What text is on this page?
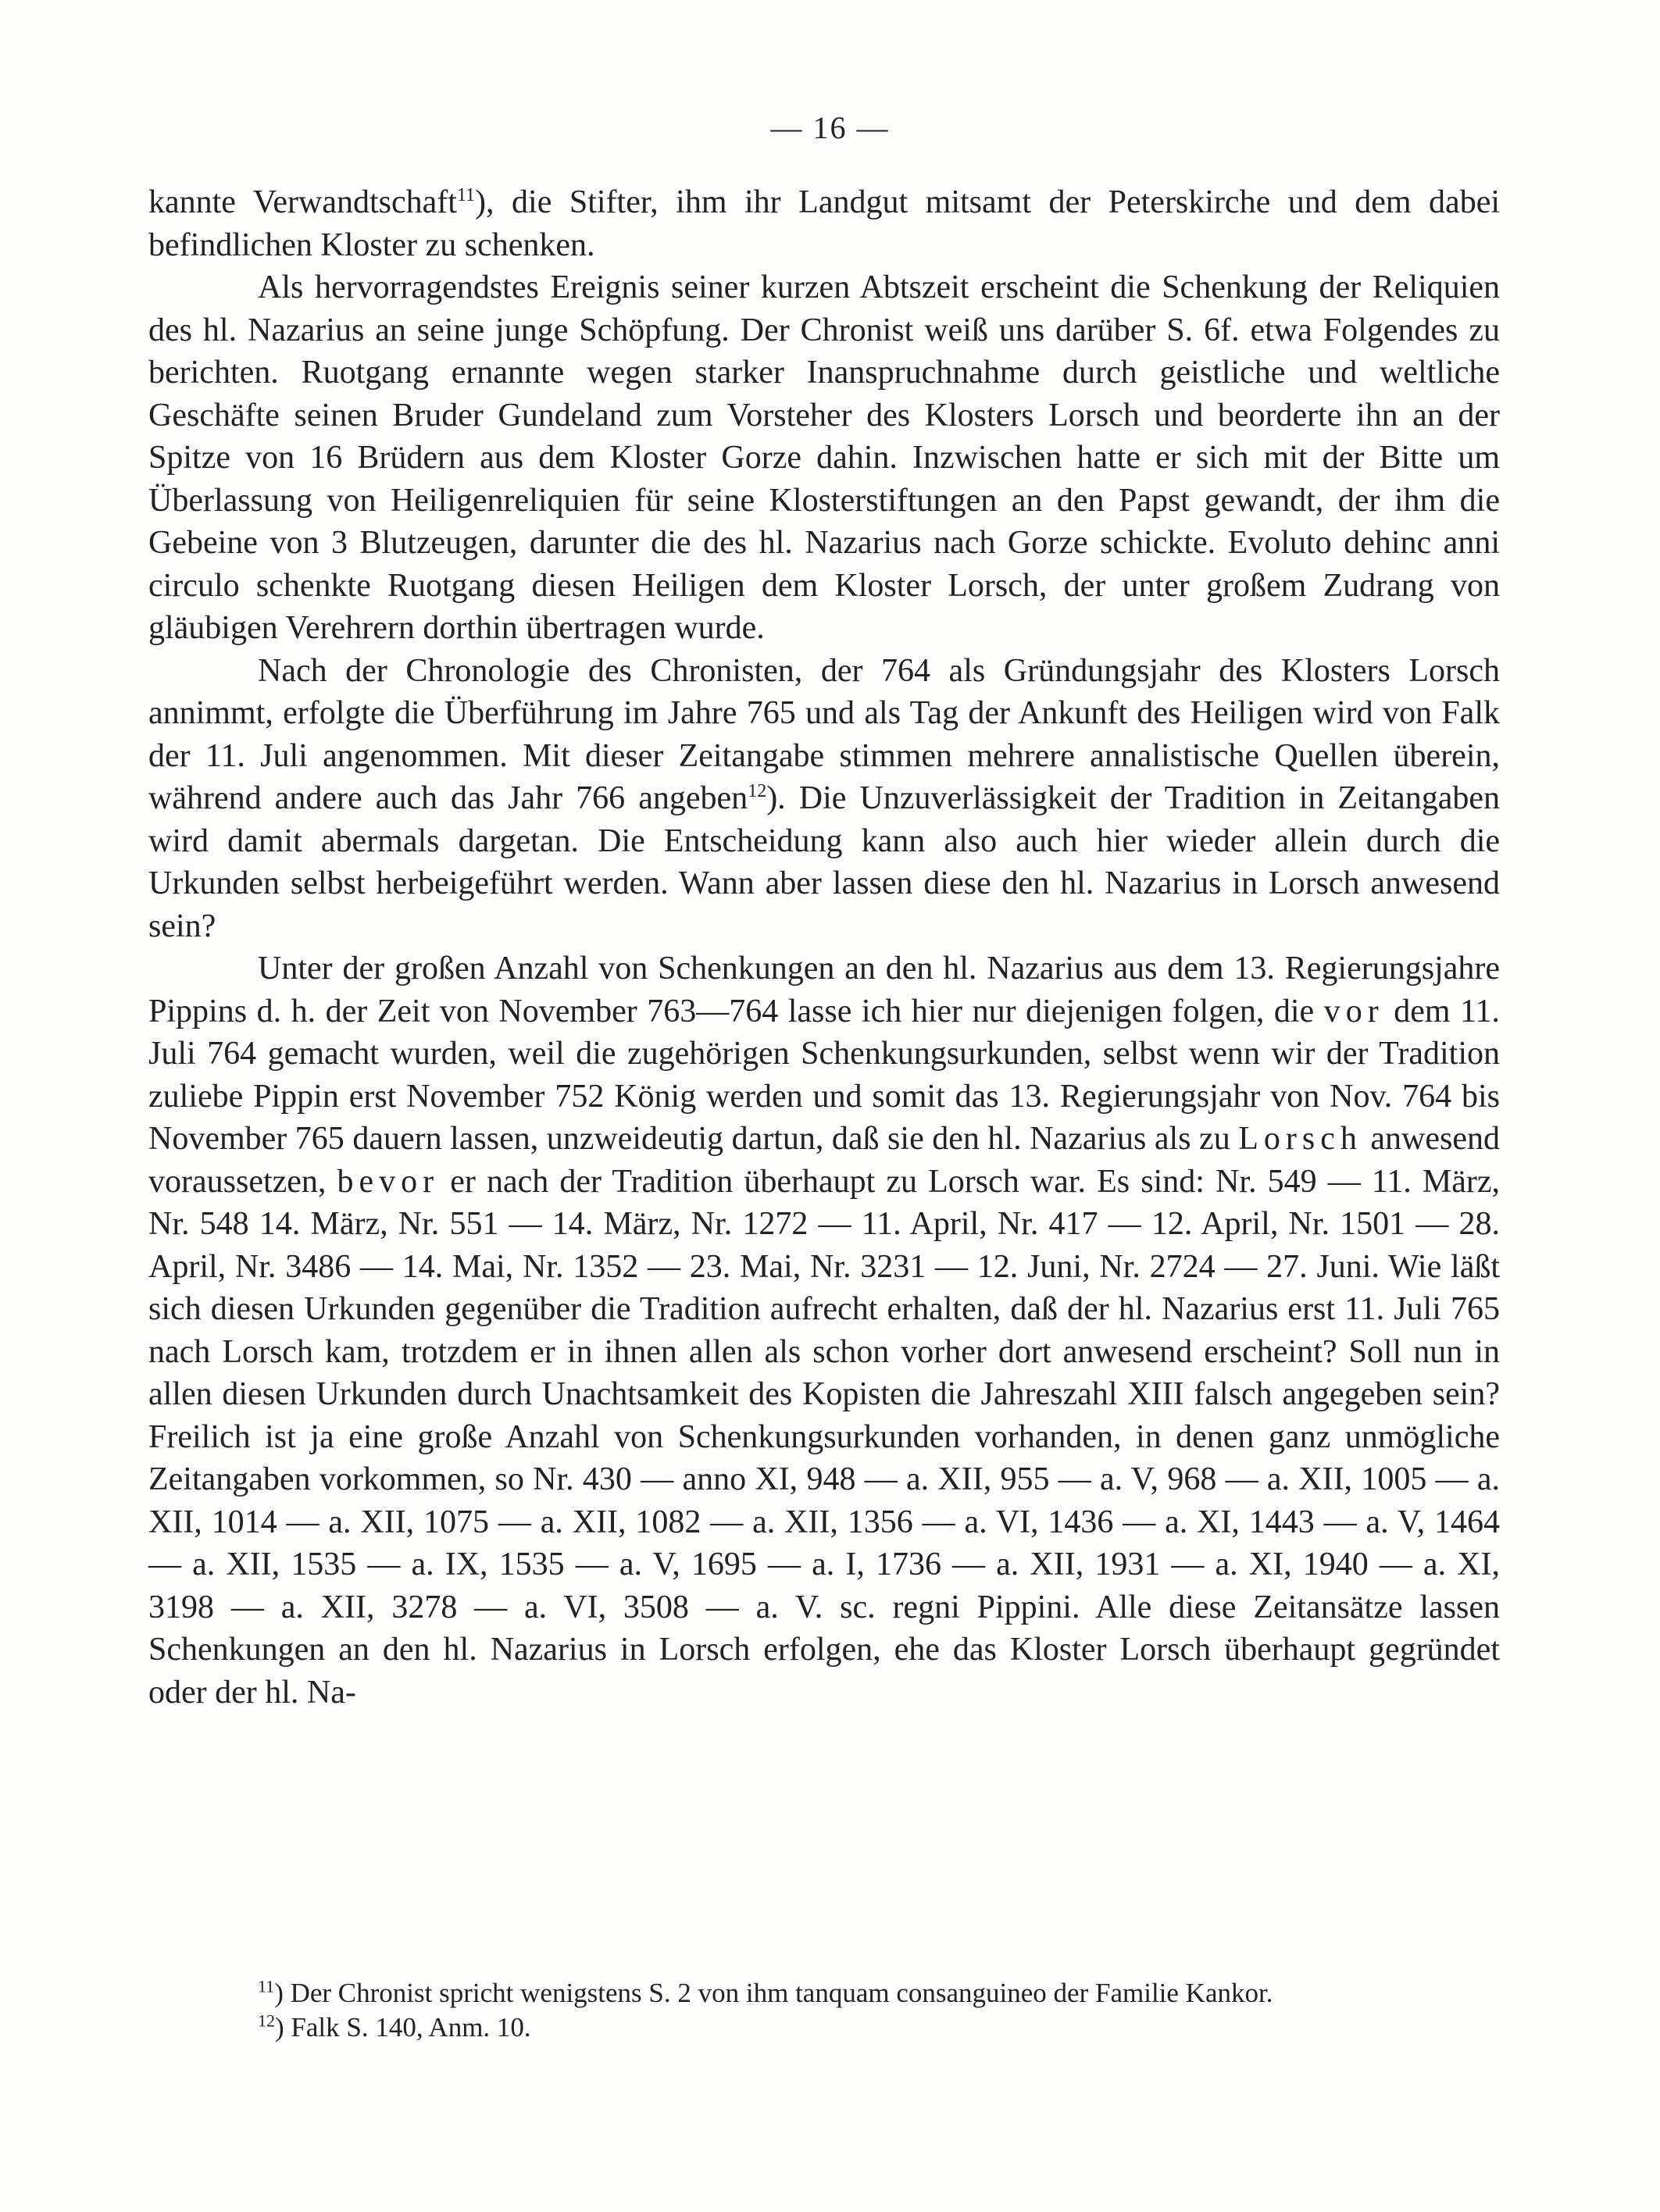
— 16 —

kannte Verwandtschaft$^{11}$), die Stifter, ihm ihr Landgut mitsamt der Peterskirche und dem dabei befindlichen Kloster zu schenken.

Als hervorragendstes Ereignis seiner kurzen Abtszeit erscheint die Schenkung der Reliquien des hl. Nazarius an seine junge Schöpfung. Der Chronist weiß uns darüber S. 6f. etwa Folgendes zu berichten. Ruotgang ernannte wegen starker Inanspruchnahme durch geistliche und weltliche Geschäfte seinen Bruder Gundeland zum Vorsteher des Klosters Lorsch und beorderte ihn an der Spitze von 16 Brüdern aus dem Kloster Gorze dahin. Inzwischen hatte er sich mit der Bitte um Überlassung von Heiligenreliquien für seine Klosterstiftungen an den Papst gewandt, der ihm die Gebeine von 3 Blutzeugen, darunter die des hl. Nazarius nach Gorze schickte. Evoluto dehinc anni circulo schenkte Ruotgang diesen Heiligen dem Kloster Lorsch, der unter großem Zudrang von gläubigen Verehrern dorthin übertragen wurde.

Nach der Chronologie des Chronisten, der 764 als Gründungsjahr des Klosters Lorsch annimmt, erfolgte die Überführung im Jahre 765 und als Tag der Ankunft des Heiligen wird von Falk der 11. Juli angenommen. Mit dieser Zeitangabe stimmen mehrere annalistische Quellen überein, während andere auch das Jahr 766 angeben$^{12}$). Die Unzuverlässigkeit der Tradition in Zeitangaben wird damit abermals dargetan. Die Entscheidung kann also auch hier wieder allein durch die Urkunden selbst herbeigeführt werden. Wann aber lassen diese den hl. Nazarius in Lorsch anwesend sein?

Unter der großen Anzahl von Schenkungen an den hl. Nazarius aus dem 13. Regierungsjahre Pippins d. h. der Zeit von November 763—764 lasse ich hier nur diejenigen folgen, die vor dem 11. Juli 764 gemacht wurden, weil die zugehörigen Schenkungsurkunden, selbst wenn wir der Tradition zuliebe Pippin erst November 752 König werden und somit das 13. Regierungsjahr von Nov. 764 bis November 765 dauern lassen, unzweideutig dartun, daß sie den hl. Nazarius als zu Lorsch anwesend voraussetzen, bevor er nach der Tradition überhaupt zu Lorsch war. Es sind: Nr. 549 — 11. März, Nr. 548 14. März, Nr. 551 — 14. März, Nr. 1272 — 11. April, Nr. 417 — 12. April, Nr. 1501 — 28. April, Nr. 3486 — 14. Mai, Nr. 1352 — 23. Mai, Nr. 3231 — 12. Juni, Nr. 2724 — 27. Juni. Wie läßt sich diesen Urkunden gegenüber die Tradition aufrecht erhalten, daß der hl. Nazarius erst 11. Juli 765 nach Lorsch kam, trotzdem er in ihnen allen als schon vorher dort anwesend erscheint? Soll nun in allen diesen Urkunden durch Unachtsamkeit des Kopisten die Jahreszahl XIII falsch angegeben sein? Freilich ist ja eine große Anzahl von Schenkungsurkunden vorhanden, in denen ganz unmögliche Zeitangaben vorkommen, so Nr. 430 — anno XI, 948 — a. XII, 955 — a. V, 968 — a. XII, 1005 — a. XII, 1014 — a. XII, 1075 — a. XII, 1082 — a. XII, 1356 — a. VI, 1436 — a. XI, 1443 — a. V, 1464 — a. XII, 1535 — a. IX, 1535 — a. V, 1695 — a. I, 1736 — a. XII, 1931 — a. XI, 1940 — a. XI, 3198 — a. XII, 3278 — a. VI, 3508 — a. V. sc. regni Pippini. Alle diese Zeitansätze lassen Schenkungen an den hl. Nazarius in Lorsch erfolgen, ehe das Kloster Lorsch überhaupt gegründet oder der hl. Na-

$^{11}$) Der Chronist spricht wenigstens S. 2 von ihm tanquam consanguineo der Familie Kankor.
$^{12}$) Falk S. 140, Anm. 10.
